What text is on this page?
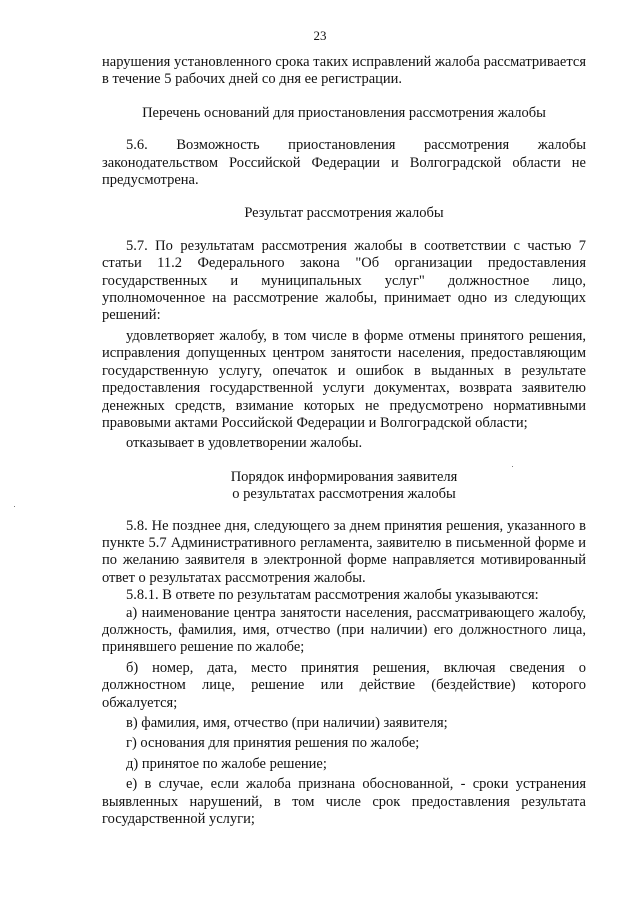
23

нарушения установленного срока таких исправлений жалоба рассматривается в течение 5 рабочих дней со дня ее регистрации.

Перечень оснований для приостановления рассмотрения жалобы

5.6. Возможность приостановления рассмотрения жалобы законодательством Российской Федерации и Волгоградской области не предусмотрена.

Результат рассмотрения жалобы

5.7. По результатам рассмотрения жалобы в соответствии с частью 7 статьи 11.2 Федерального закона "Об организации предоставления государственных и муниципальных услуг" должностное лицо, уполномоченное на рассмотрение жалобы, принимает одно из следующих решений:

удовлетворяет жалобу, в том числе в форме отмены принятого решения, исправления допущенных центром занятости населения, предоставляющим государственную услугу, опечаток и ошибок в выданных в результате предоставления государственной услуги документах, возврата заявителю денежных средств, взимание которых не предусмотрено нормативными правовыми актами Российской Федерации и Волгоградской области;

отказывает в удовлетворении жалобы.

Порядок информирования заявителя
о результатах рассмотрения жалобы

5.8. Не позднее дня, следующего за днем принятия решения, указанного в пункте 5.7 Административного регламента, заявителю в письменной форме и по желанию заявителя в электронной форме направляется мотивированный ответ о результатах рассмотрения жалобы.

5.8.1. В ответе по результатам рассмотрения жалобы указываются:

а) наименование центра занятости населения, рассматривающего жалобу, должность, фамилия, имя, отчество (при наличии) его должностного лица, принявшего решение по жалобе;

б) номер, дата, место принятия решения, включая сведения о должностном лице, решение или действие (бездействие) которого обжалуется;

в) фамилия, имя, отчество (при наличии) заявителя;

г) основания для принятия решения по жалобе;

д) принятое по жалобе решение;

е) в случае, если жалоба признана обоснованной, - сроки устранения выявленных нарушений, в том числе срок предоставления результата государственной услуги;
